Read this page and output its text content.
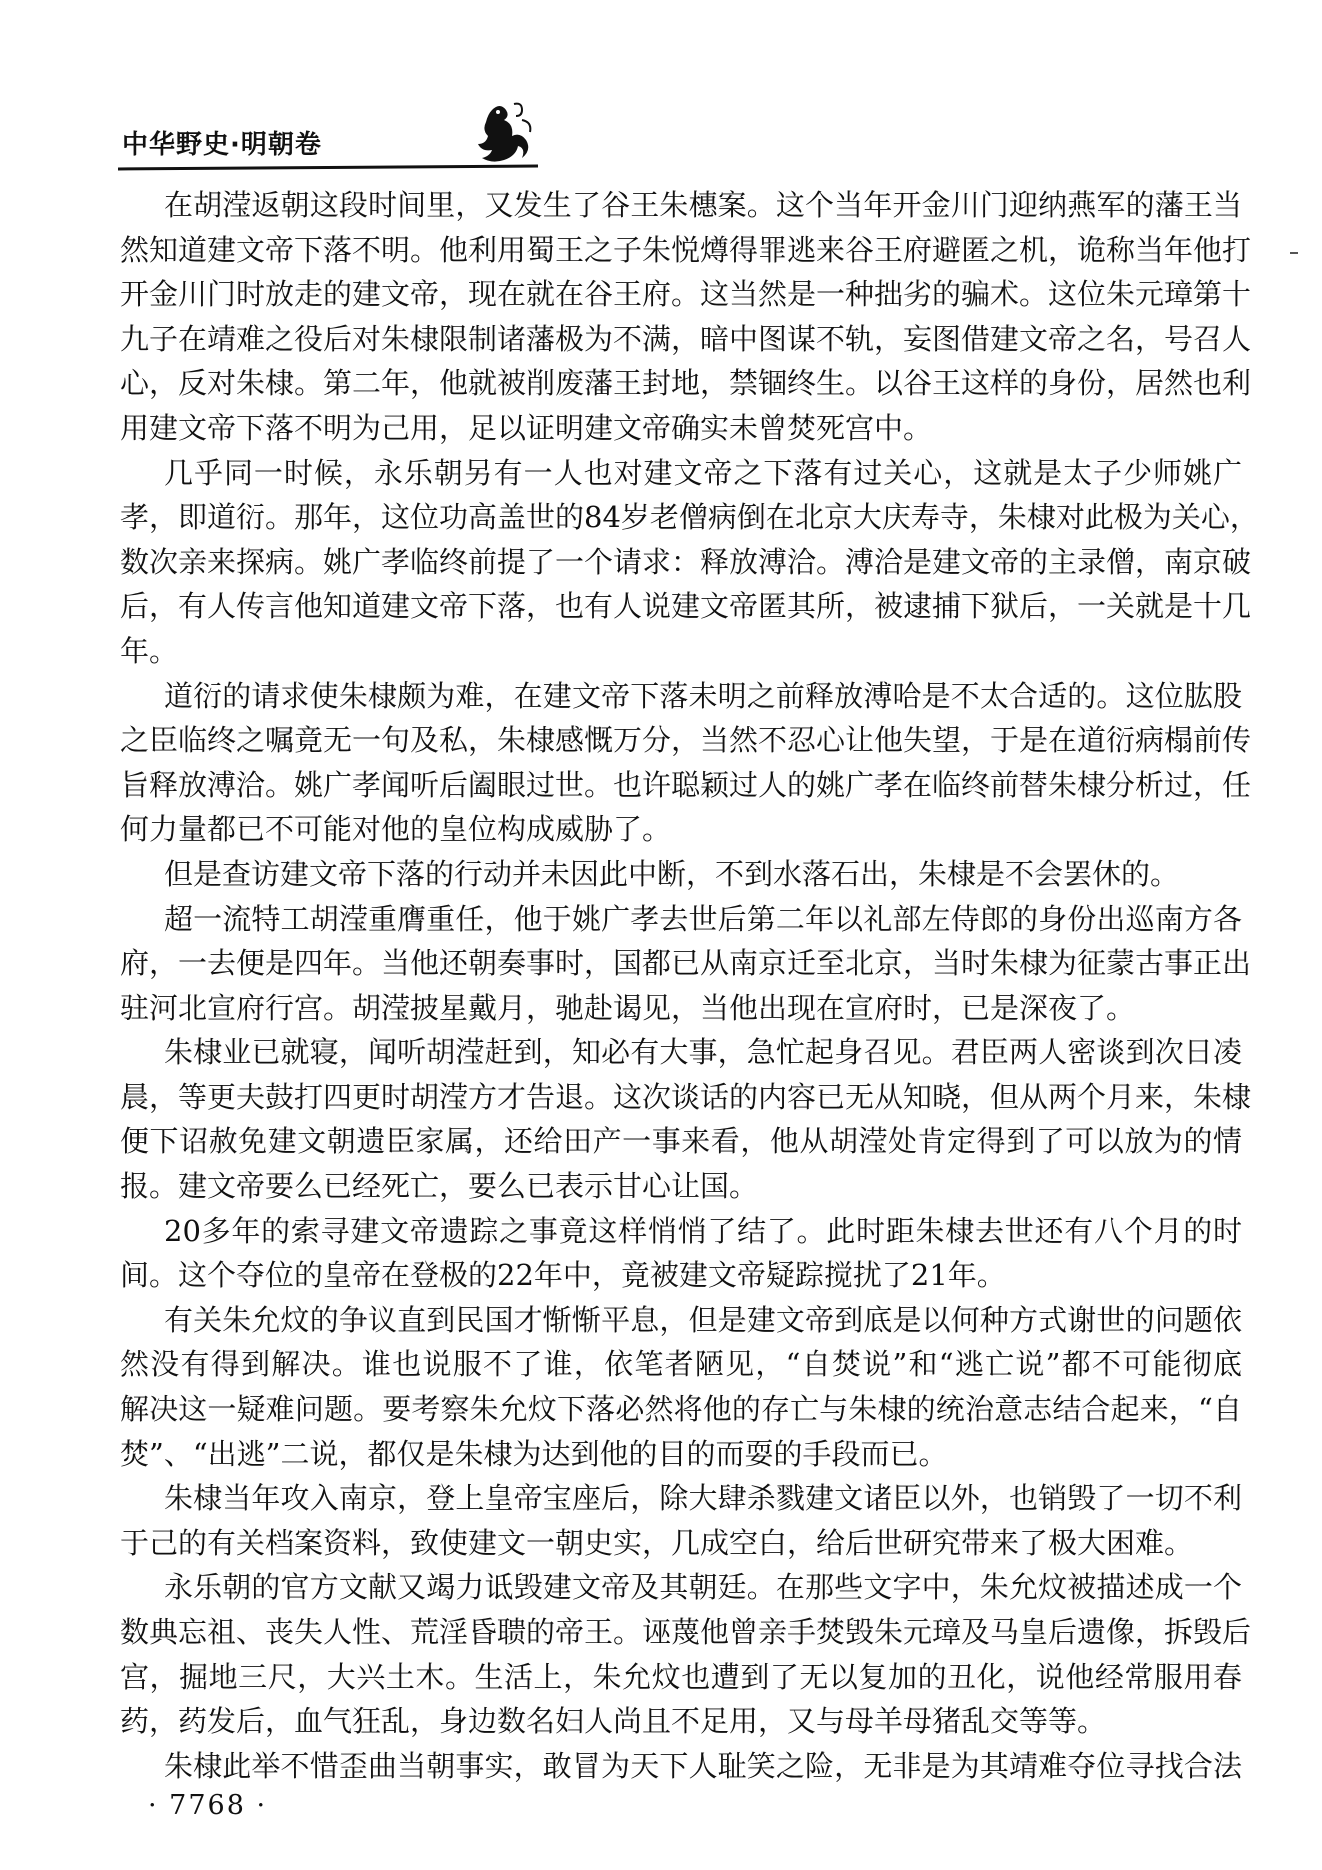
中华野史·明朝卷
在胡滢返朝这段时间里，又发生了谷王朱橞案。这个当年开金川门迎纳燕军的藩王当
然知道建文帝下落不明。他利用蜀王之子朱悦燇得罪逃来谷王府避匿之机，诡称当年他打
开金川门时放走的建文帝，现在就在谷王府。这当然是一种拙劣的骗术。这位朱元璋第十
九子在靖难之役后对朱棣限制诸藩极为不满，暗中图谋不轨，妄图借建文帝之名，号召人
心，反对朱棣。第二年，他就被削废藩王封地，禁锢终生。以谷王这样的身份，居然也利
用建文帝下落不明为己用，足以证明建文帝确实未曾焚死宫中。
几乎同一时候，永乐朝另有一人也对建文帝之下落有过关心，这就是太子少师姚广
孝，即道衍。那年，这位功高盖世的84岁老僧病倒在北京大庆寿寺，朱棣对此极为关心，
数次亲来探病。姚广孝临终前提了一个请求：释放溥洽。溥洽是建文帝的主录僧，南京破
后，有人传言他知道建文帝下落，也有人说建文帝匿其所，被逮捕下狱后，一关就是十几
年。
道衍的请求使朱棣颇为难，在建文帝下落未明之前释放溥哈是不太合适的。这位肱股
之臣临终之嘱竟无一句及私，朱棣感慨万分，当然不忍心让他失望，于是在道衍病榻前传
旨释放溥洽。姚广孝闻听后阖眼过世。也许聪颖过人的姚广孝在临终前替朱棣分析过，任
何力量都已不可能对他的皇位构成威胁了。
但是查访建文帝下落的行动并未因此中断，不到水落石出，朱棣是不会罢休的。
超一流特工胡滢重膺重任，他于姚广孝去世后第二年以礼部左侍郎的身份出巡南方各
府，一去便是四年。当他还朝奏事时，国都已从南京迁至北京，当时朱棣为征蒙古事正出
驻河北宣府行宫。胡滢披星戴月，驰赴谒见，当他出现在宣府时，已是深夜了。
朱棣业已就寝，闻听胡滢赶到，知必有大事，急忙起身召见。君臣两人密谈到次日凌
晨，等更夫鼓打四更时胡滢方才告退。这次谈话的内容已无从知晓，但从两个月来，朱棣
便下诏赦免建文朝遗臣家属，还给田产一事来看，他从胡滢处肯定得到了可以放为的情
报。建文帝要么已经死亡，要么已表示甘心让国。
20多年的索寻建文帝遗踪之事竟这样悄悄了结了。此时距朱棣去世还有八个月的时
间。这个夺位的皇帝在登极的22年中，竟被建文帝疑踪搅扰了21年。
有关朱允炆的争议直到民国才惭惭平息，但是建文帝到底是以何种方式谢世的问题依
然没有得到解决。谁也说服不了谁，依笔者陋见，“自焚说”和“逃亡说”都不可能彻底
解决这一疑难问题。要考察朱允炆下落必然将他的存亡与朱棣的统治意志结合起来，“自
焚”、“出逃”二说，都仅是朱棣为达到他的目的而耍的手段而已。
朱棣当年攻入南京，登上皇帝宝座后，除大肆杀戮建文诸臣以外，也销毁了一切不利
于己的有关档案资料，致使建文一朝史实，几成空白，给后世研究带来了极大困难。
永乐朝的官方文献又竭力诋毁建文帝及其朝廷。在那些文字中，朱允炆被描述成一个
数典忘祖、丧失人性、荒淫昏聩的帝王。诬蔑他曾亲手焚毁朱元璋及马皇后遗像，拆毁后
宫，掘地三尺，大兴土木。生活上，朱允炆也遭到了无以复加的丑化，说他经常服用春
药，药发后，血气狂乱，身边数名妇人尚且不足用，又与母羊母猪乱交等等。
朱棣此举不惜歪曲当朝事实，敢冒为天下人耻笑之险，无非是为其靖难夺位寻找合法
· 7768 ·
